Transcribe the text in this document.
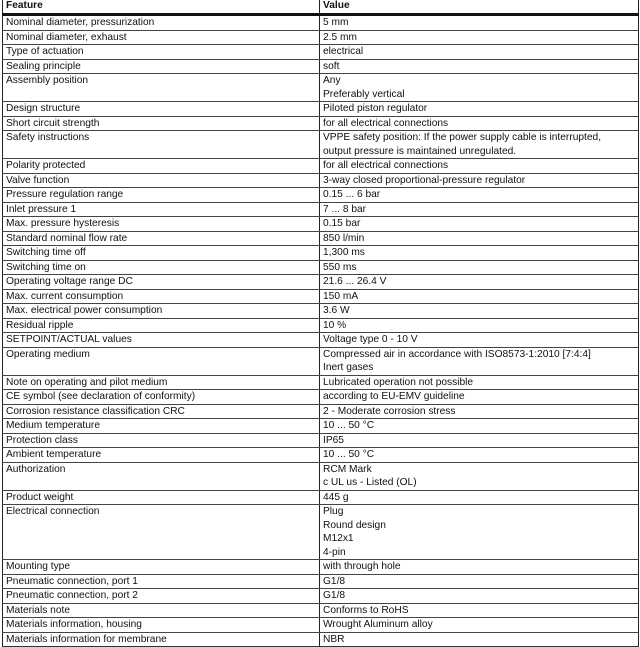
Feature	Value
Nominal diameter, pressurization	5 mm

Nominal diameter, exhaust	2.5 mm

Type of actuation	electrical

Sealing principle	soft

Assembly position	Any
Preferably vertical

Design structure	Piloted piston regulator

Short circuit strength	for all electrical connections

Safety instructions	VPPE safety position: If the power supply cable is interrupted,
output pressure is maintained unregulated.

Polarity protected	for all electrical connections

Valve function	3-way closed proportional-pressure regulator

Pressure regulation range	0.15 ... 6 bar

Inlet pressure 1	7 ... 8 bar

Max. pressure hysteresis	0.15 bar

Standard nominal flow rate	850 l/min

Switching time off	1,300 ms

Switching time on	550 ms

Operating voltage range DC	21.6 ... 26.4 V

Max. current consumption	150 mA

Max. electrical power consumption	3.6 W

Residual ripple	10 %

SETPOINT/ACTUAL values	Voltage type 0 - 10 V

Operating medium	Compressed air in accordance with ISO8573-1:2010 [7:4:4]
Inert gases

Note on operating and pilot medium	Lubricated operation not possible

CE symbol (see declaration of conformity)	according to EU-EMV guideline

Corrosion resistance classification CRC	2 - Moderate corrosion stress

Medium temperature	10 ... 50 °C

Protection class	IP65

Ambient temperature	10 ... 50 °C

Authorization	RCM Mark
c UL us - Listed (OL)

Product weight	445 g

Electrical connection	Plug
Round design
M12x1
4-pin

Mounting type	with through hole

Pneumatic connection, port 1	G1/8

Pneumatic connection, port 2	G1/8

Materials note	Conforms to RoHS

Materials information, housing	Wrought Aluminum alloy

Materials information for membrane	NBR
